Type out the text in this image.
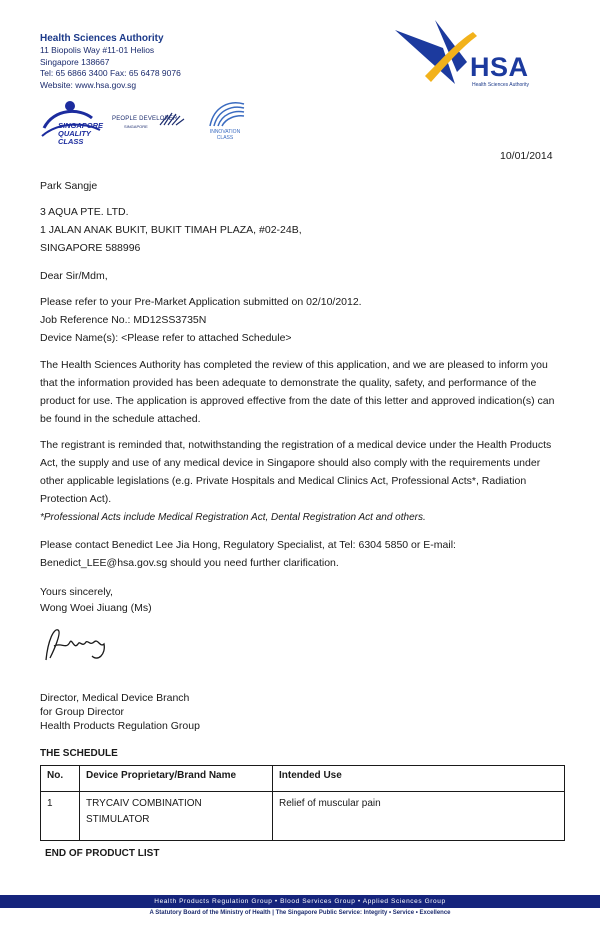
Health Sciences Authority
11 Biopolis Way #11-01 Helios
Singapore 138667
Tel: 65 6866 3400 Fax: 65 6478 9076
Website: www.hsa.gov.sg
SINGAPORE QUALITY CLASS
PEOPLE DEVELOPER
SINGAPORE
INNOVATION CLASS
HSA
Health Sciences Authority
10/01/2014
Park Sangje
3 AQUA PTE. LTD.
1 JALAN ANAK BUKIT, BUKIT TIMAH PLAZA, #02-24B,
SINGAPORE 588996
Dear Sir/Mdm,
Please refer to your Pre-Market Application submitted on 02/10/2012.
Job Reference No.: MD12SS3735N
Device Name(s): <Please refer to attached Schedule>
The Health Sciences Authority has completed the review of this application, and we are pleased to inform you that the information provided has been adequate to demonstrate the quality, safety, and performance of the product for use. The application is approved effective from the date of this letter and approved indication(s) can be found in the schedule attached.
The registrant is reminded that, notwithstanding the registration of a medical device under the Health Products Act, the supply and use of any medical device in Singapore should also comply with the requirements under other applicable legislations (e.g. Private Hospitals and Medical Clinics Act, Professional Acts*, Radiation Protection Act).
*Professional Acts include Medical Registration Act, Dental Registration Act and others.
Please contact Benedict Lee Jia Hong, Regulatory Specialist, at Tel: 6304 5850 or E-mail: Benedict_LEE@hsa.gov.sg should you need further clarification.
Yours sincerely,
Wong Woei Jiuang (Ms)
Director, Medical Device Branch
for Group Director
Health Products Regulation Group
THE SCHEDULE
No.	Device Proprietary/Brand Name	Intended Use
1	TRYCAIV COMBINATION STIMULATOR	Relief of muscular pain
END OF PRODUCT LIST
Health Products Regulation Group • Blood Services Group • Applied Sciences Group
A Statutory Board of the Ministry of Health | The Singapore Public Service: Integrity • Service • Excellence
